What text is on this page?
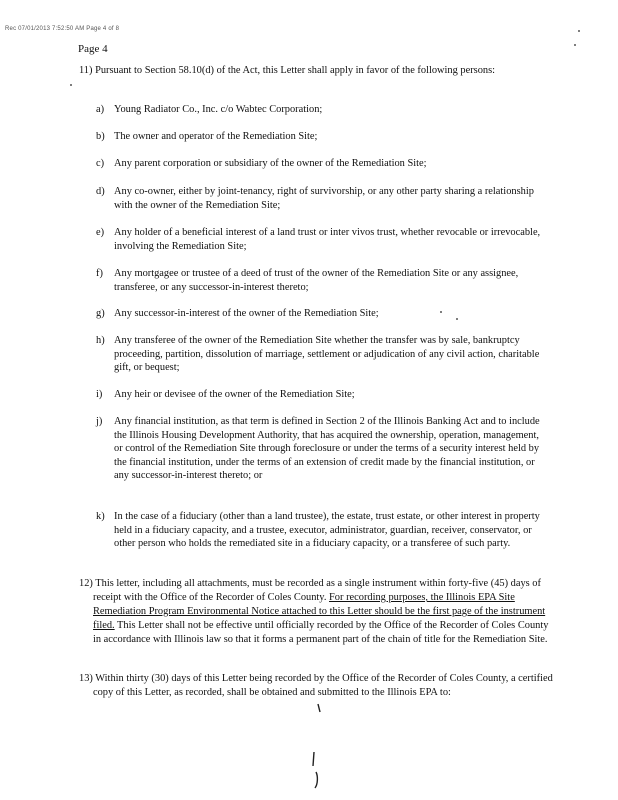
Rec 07/01/2013 7:52:50 AM Page 4 of 8
Page 4
11) Pursuant to Section 58.10(d) of the Act, this Letter shall apply in favor of the following persons:
a) Young Radiator Co., Inc. c/o Wabtec Corporation;
b) The owner and operator of the Remediation Site;
c) Any parent corporation or subsidiary of the owner of the Remediation Site;
d) Any co-owner, either by joint-tenancy, right of survivorship, or any other party sharing a relationship with the owner of the Remediation Site;
e) Any holder of a beneficial interest of a land trust or inter vivos trust, whether revocable or irrevocable, involving the Remediation Site;
f) Any mortgagee or trustee of a deed of trust of the owner of the Remediation Site or any assignee, transferee, or any successor-in-interest thereto;
g) Any successor-in-interest of the owner of the Remediation Site;
h) Any transferee of the owner of the Remediation Site whether the transfer was by sale, bankruptcy proceeding, partition, dissolution of marriage, settlement or adjudication of any civil action, charitable gift, or bequest;
i) Any heir or devisee of the owner of the Remediation Site;
j) Any financial institution, as that term is defined in Section 2 of the Illinois Banking Act and to include the Illinois Housing Development Authority, that has acquired the ownership, operation, management, or control of the Remediation Site through foreclosure or under the terms of a security interest held by the financial institution, under the terms of an extension of credit made by the financial institution, or any successor-in-interest thereto; or
k) In the case of a fiduciary (other than a land trustee), the estate, trust estate, or other interest in property held in a fiduciary capacity, and a trustee, executor, administrator, guardian, receiver, conservator, or other person who holds the remediated site in a fiduciary capacity, or a transferee of such party.
12) This letter, including all attachments, must be recorded as a single instrument within forty-five (45) days of receipt with the Office of the Recorder of Coles County. For recording purposes, the Illinois EPA Site Remediation Program Environmental Notice attached to this Letter should be the first page of the instrument filed. This Letter shall not be effective until officially recorded by the Office of the Recorder of Coles County in accordance with Illinois law so that it forms a permanent part of the chain of title for the Remediation Site.
13) Within thirty (30) days of this Letter being recorded by the Office of the Recorder of Coles County, a certified copy of this Letter, as recorded, shall be obtained and submitted to the Illinois EPA to:
